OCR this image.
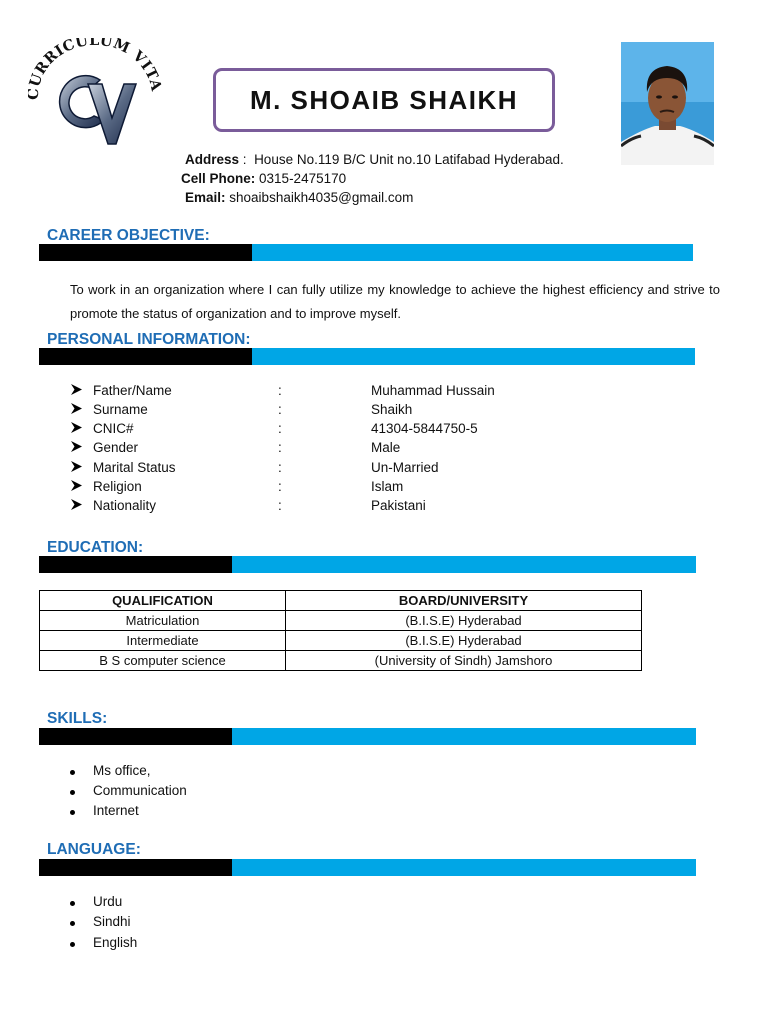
URRICULUM VIT
M. SHOAIB SHAIKH
Address : House No.119 B/C Unit no.10 Latifabad Hyderabad.
Cell Phone: 0315-2475170
Email: shoaibshaikh4035@gmail.com
CAREER OBJECTIVE:
To work in an organization where I can fully utilize my knowledge to achieve the highest efficiency and strive to promote the status of organization and to improve myself.
PERSONAL INFORMATION:
Father/Name	:	Muhammad Hussain
Surname	:	Shaikh
CNIC#	:	41304-5844750-5
Gender	:	Male
Marital Status	:	Un-Married
Religion	:	Islam
Nationality	:	Pakistani
EDUCATION:
QUALIFICATION	BOARD/UNIVERSITY
Matriculation	(B.I.S.E) Hyderabad
Intermediate	(B.I.S.E) Hyderabad
B S computer science	(University of Sindh) Jamshoro
SKILLS:
Ms office,
Communication
Internet
LANGUAGE:
Urdu
Sindhi
English
